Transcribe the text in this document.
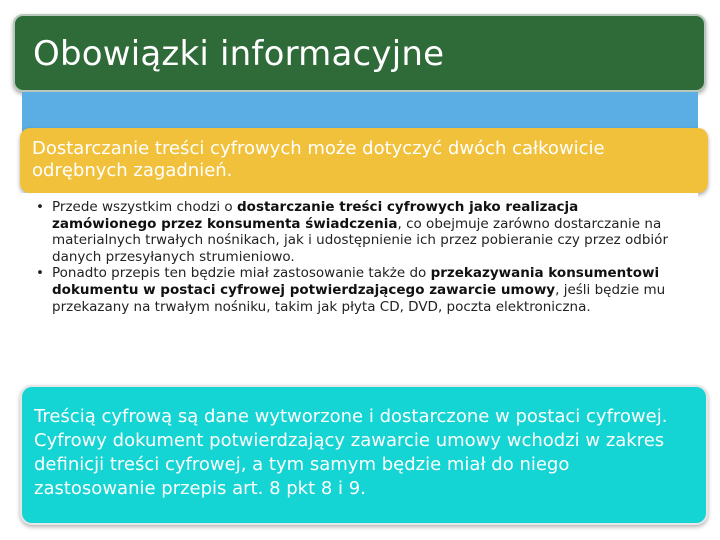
Obowiązki informacyjne
Dostarczanie treści cyfrowych może dotyczyć dwóch całkowicie odrębnych zagadnień.
• Przede wszystkim chodzi o dostarczanie treści cyfrowych jako realizacja zamówionego przez konsumenta świadczenia, co obejmuje zarówno dostarczanie na materialnych trwałych nośnikach, jak i udostępnienie ich przez pobieranie czy przez odbiór danych przesyłanych strumieniowo.
• Ponadto przepis ten będzie miał zastosowanie także do przekazywania konsumentowi dokumentu w postaci cyfrowej potwierdzającego zawarcie umowy, jeśli będzie mu przekazany na trwałym nośniku, takim jak płyta CD, DVD, poczta elektroniczna.
Treścią cyfrową są dane wytworzone i dostarczone w postaci cyfrowej. Cyfrowy dokument potwierdzający zawarcie umowy wchodzi w zakres definicji treści cyfrowej, a tym samym będzie miał do niego zastosowanie przepis art. 8 pkt 8 i 9.
